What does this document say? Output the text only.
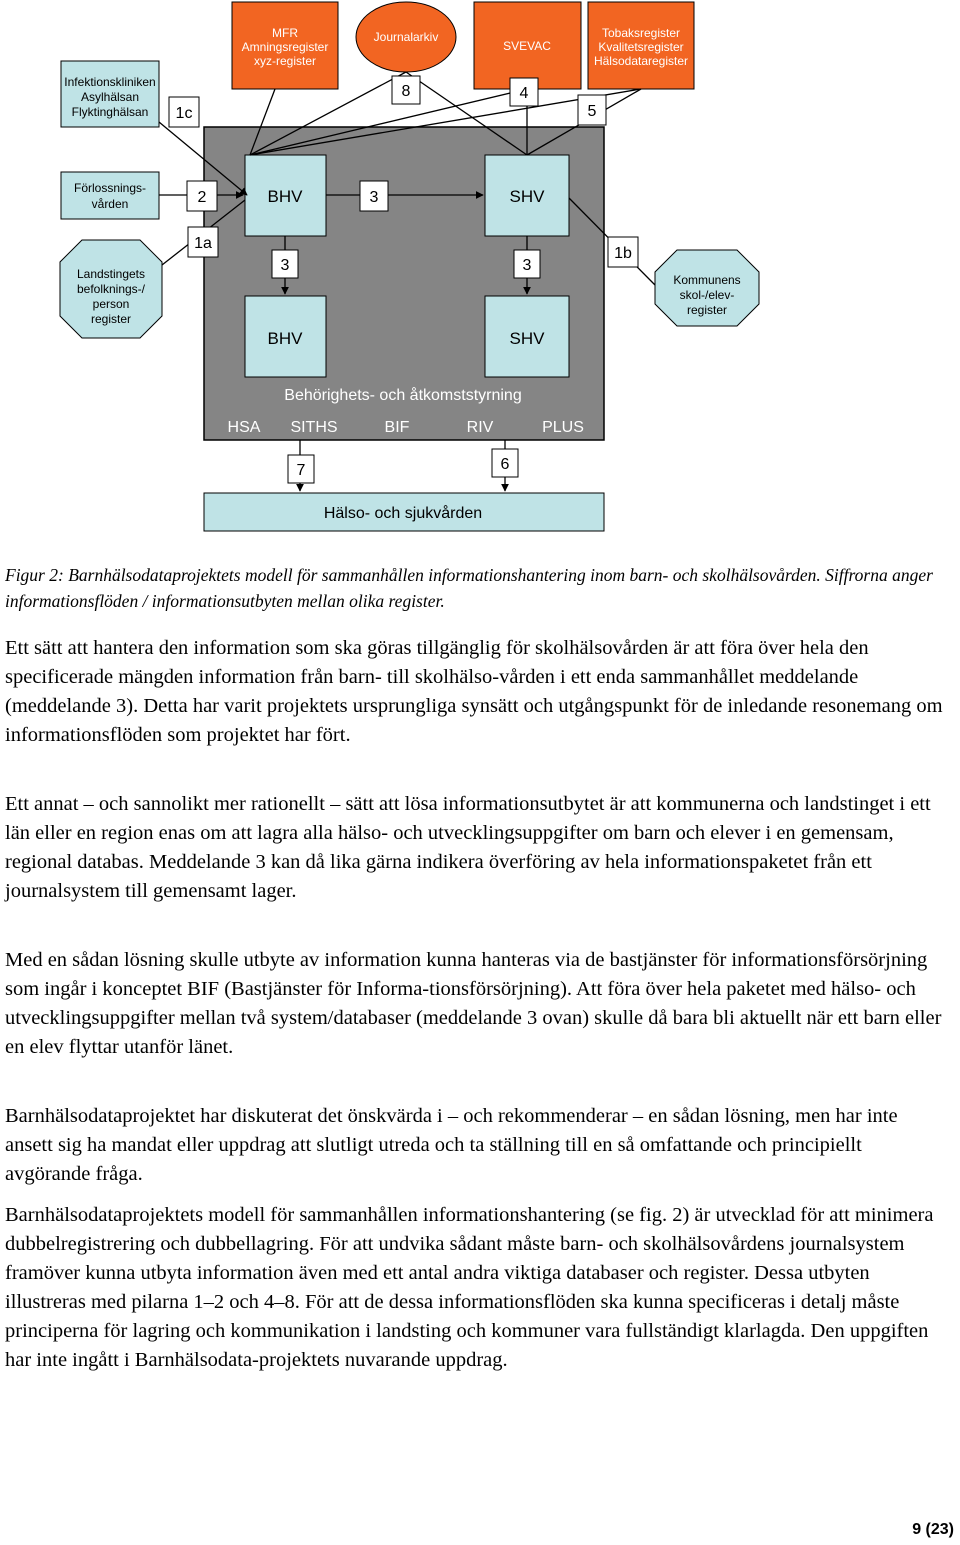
MFR
Amningsregister
xyz-register
Journalarkiv
SVEVAC
Tobaksregister
Kvalitetsregister
Hälsodataregister
Infektionskliniken
Asylhälsan
Flyktinghälsan
Förlossnings-
vården
Landstingets
befolknings-/
person
register
Kommunens
skol-/elev-
register
BHV	SHV
BHV	SHV
Behörighets- och åtkomststyrning
HSA SITHS	BIF	RIV	PLUS
Hälso- och sjukvården
1c
8	4
5
2	3
1a
1b
3	3
7	6

Figur 2: Barnhälsodataprojektets modell för sammanhållen informationshantering inom barn- och skolhälsovården. Siffrorna anger informationsflöden / informationsutbyten mellan olika register.

Ett sätt att hantera den information som ska göras tillgänglig för skolhälsovården är att föra över hela den specificerade mängden information från barn- till skolhälso-vården i ett enda sammanhållet meddelande (meddelande 3). Detta har varit projektets ursprungliga synsätt och utgångspunkt för de inledande resonemang om informationsflöden som projektet har fört.

Ett annat – och sannolikt mer rationellt – sätt att lösa informationsutbytet är att kommunerna och landstinget i ett län eller en region enas om att lagra alla hälso- och utvecklingsuppgifter om barn och elever i en gemensam, regional databas. Meddelande 3 kan då lika gärna indikera överföring av hela informationspaketet från ett journalsystem till gemensamt lager.

Med en sådan lösning skulle utbyte av information kunna hanteras via de bastjänster för informationsförsörjning som ingår i konceptet BIF (Bastjänster för Informa-tionsförsörjning). Att föra över hela paketet med hälso- och utvecklingsuppgifter mellan två system/databaser (meddelande 3 ovan) skulle då bara bli aktuellt när ett barn eller en elev flyttar utanför länet.

Barnhälsodataprojektet har diskuterat det önskvärda i – och rekommenderar – en sådan lösning, men har inte ansett sig ha mandat eller uppdrag att slutligt utreda och ta ställning till en så omfattande och principiellt avgörande fråga.

Barnhälsodataprojektets modell för sammanhållen informationshantering (se fig. 2) är utvecklad för att minimera dubbelregistrering och dubbellagring. För att undvika sådant måste barn- och skolhälsovårdens journalsystem framöver kunna utbyta information även med ett antal andra viktiga databaser och register. Dessa utbyten illustreras med pilarna 1–2 och 4–8. För att de dessa informationsflöden ska kunna specificeras i detalj måste principerna för lagring och kommunikation i landsting och kommuner vara fullständigt klarlagda. Den uppgiften har inte ingått i Barnhälsodata-projektets nuvarande uppdrag.

9 (23)
